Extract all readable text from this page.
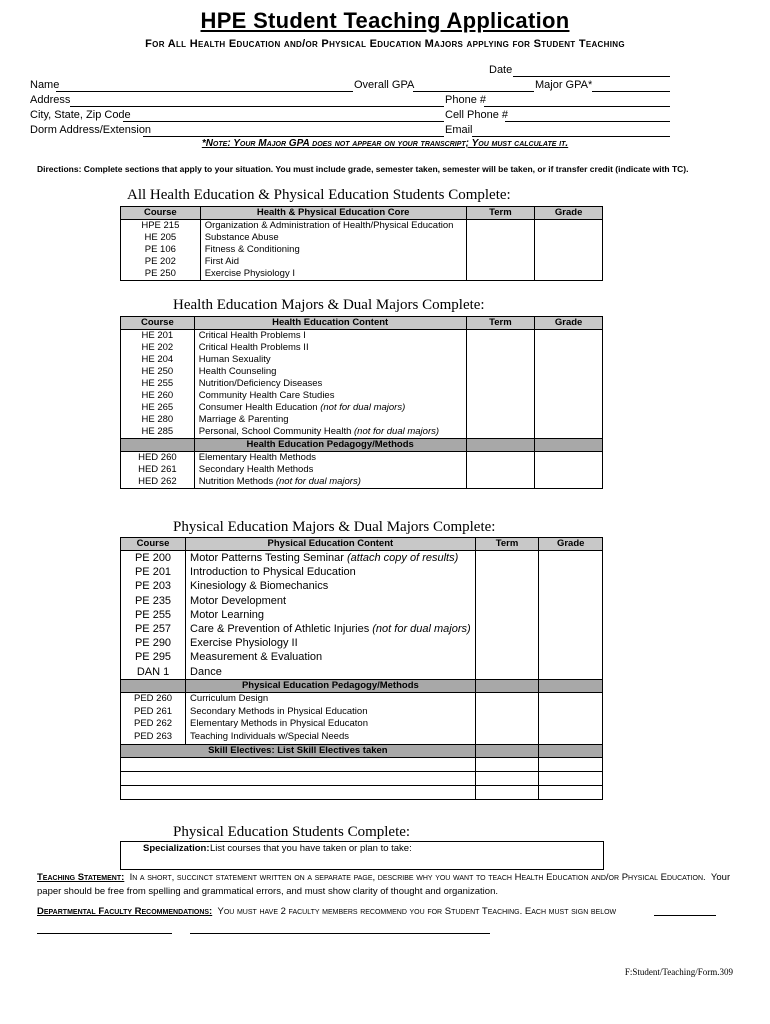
HPE Student Teaching Application
For All Health Education and/or Physical Education Majors applying for Student Teaching
Date
Name	Overall GPA	Major GPA*
Address	Phone #
City, State, Zip Code	Cell Phone #
Dorm Address/Extension	Email
*Note: Your Major GPA does not appear on your transcript; You must calculate it.
Directions: Complete sections that apply to your situation. You must include grade, semester taken, semester will be taken, or if transfer credit (indicate with TC).
All Health Education & Physical Education Students Complete:
Course	Health & Physical Education Core	Term	Grade
HPE 215	Organization & Administration of Health/Physical Education		
HE 205	Substance Abuse		
PE 106	Fitness & Conditioning		
PE 202	First Aid		
PE 250	Exercise Physiology I		
Health Education Majors & Dual Majors Complete:
Course	Health Education Content	Term	Grade
HE 201	Critical Health Problems I		
HE 202	Critical Health Problems II		
HE 204	Human Sexuality		
HE 250	Health Counseling		
HE 255	Nutrition/Deficiency Diseases		
HE 260	Community Health Care Studies		
HE 265	Consumer Health Education (not for dual majors)		
HE 280	Marriage & Parenting		
HE 285	Personal, School Community Health (not for dual majors)		
	Health Education Pedagogy/Methods		
HED 260	Elementary Health Methods		
HED 261	Secondary Health Methods		
HED 262	Nutrition Methods (not for dual majors)		
Physical Education Majors & Dual Majors Complete:
Course	Physical Education Content	Term	Grade
PE 200	Motor Patterns Testing Seminar (attach copy of results)		
PE 201	Introduction to Physical Education		
PE 203	Kinesiology & Biomechanics		
PE 235	Motor Development		
PE 255	Motor Learning		
PE 257	Care & Prevention of Athletic Injuries (not for dual majors)		
PE 290	Exercise Physiology II		
PE 295	Measurement & Evaluation		
DAN 1	Dance		
	Physical Education Pedagogy/Methods		
PED 260	Curriculum Design		
PED 261	Secondary Methods in Physical Education		
PED 262	Elementary Methods in Physical Educaton		
PED 263	Teaching Individuals w/Special Needs		
Skill Electives: List Skill Electives taken			

Physical Education Students Complete:
Specialization: List courses that you have taken or plan to take:
Teaching Statement: In a short, succinct statement written on a separate page, describe why you want to teach Health Education and/or Physical Education. Your paper should be free from spelling and grammatical errors, and must show clarity of thought and organization.
Departmental Faculty Recommendations: You must have 2 faculty members recommend you for Student Teaching. Each must sign below
F:Student/Teaching/Form.309
